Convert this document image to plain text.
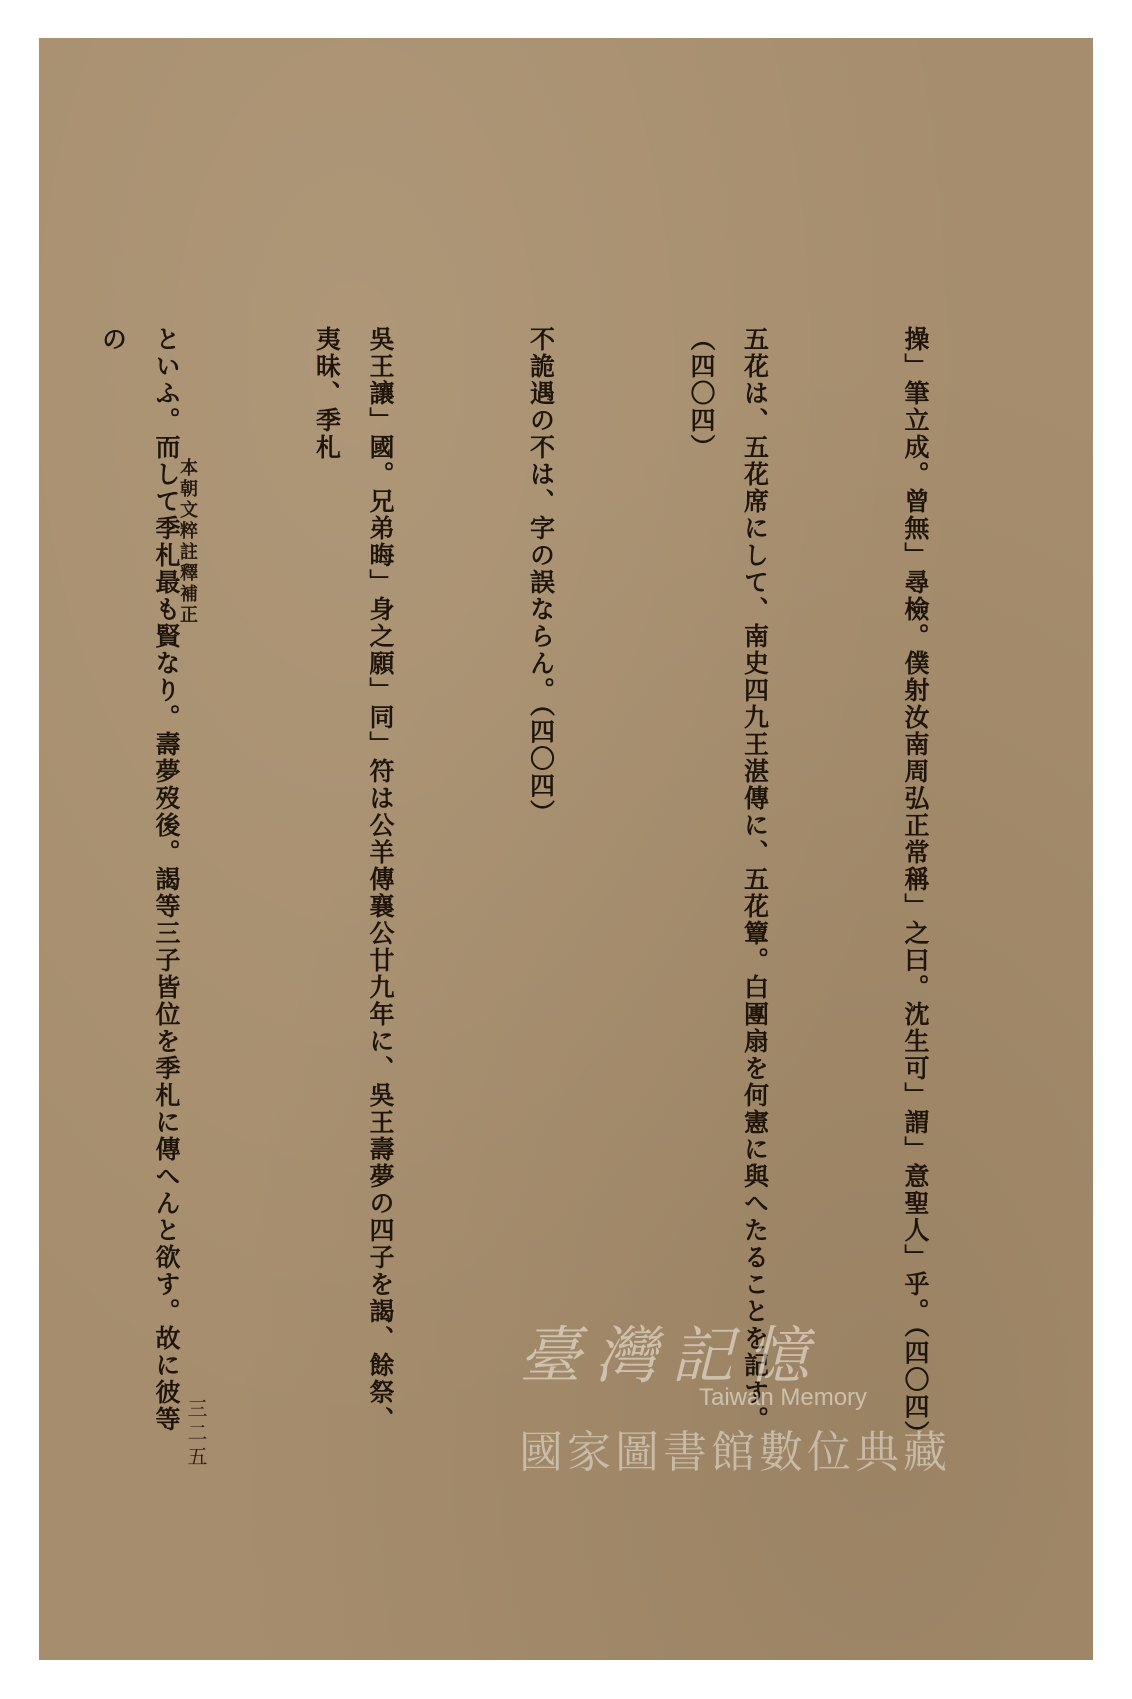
操」筆立成。曾無」尋檢。僕射汝南周弘正常稱」之曰。沈生可」謂」意聖人」乎。（四〇四）

五花は、五花席にして、南史四九王湛傳に、五花簟。白團扇を何憲に與へたることを記す。（四〇四）

不詭遇の不は、字の誤ならん。（四〇四）

吳王讓」國。兄弟晦」身之願」同」符は公羊傳襄公廿九年に、吳王壽夢の四子を謁、餘祭、夷昧、季札

といふ。而して季札最も賢なり。壽夢歿後。謁等三子皆位を季札に傳へんと欲す。故に彼等の

本朝文粹註釋補正
三二五
臺灣記憶
Taiwan Memory
國家圖書館數位典藏
